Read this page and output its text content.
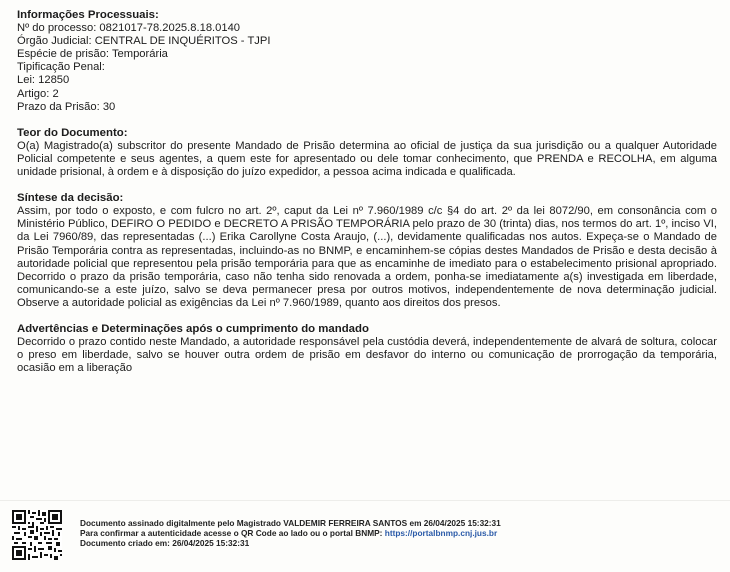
Informações Processuais:

Nº do processo: 0821017-78.2025.8.18.0140

Órgão Judicial: CENTRAL DE INQUÉRITOS - TJPI

Espécie de prisão: Temporária

Tipificação Penal:

Lei: 12850

Artigo: 2

Prazo da Prisão: 30

Teor do Documento:

O(a) Magistrado(a) subscritor do presente Mandado de Prisão determina ao oficial de justiça da sua jurisdição ou a qualquer Autoridade Policial competente e seus agentes, a quem este for apresentado ou dele tomar conhecimento, que PRENDA e RECOLHA, em alguma unidade prisional, à ordem e à disposição do juízo expedidor, a pessoa acima indicada e qualificada.

Síntese da decisão:

Assim, por todo o exposto, e com fulcro no art. 2º, caput da Lei nº 7.960/1989 c/c §4 do art. 2º da lei 8072/90, em consonância com o Ministério Público, DEFIRO O PEDIDO e DECRETO A PRISÃO TEMPORÁRIA pelo prazo de 30 (trinta) dias, nos termos do art. 1º, inciso VI, da Lei 7960/89, das representadas (...) Erika Carollyne Costa Araujo, (...), devidamente qualificadas nos autos. Expeça-se o Mandado de Prisão Temporária contra as representadas, incluindo-as no BNMP, e encaminhem-se cópias destes Mandados de Prisão e desta decisão à autoridade policial que representou pela prisão temporária para que as encaminhe de imediato para o estabelecimento prisional apropriado. Decorrido o prazo da prisão temporária, caso não tenha sido renovada a ordem, ponha-se imediatamente a(s) investigada em liberdade, comunicando-se a este juízo, salvo se deva permanecer presa por outros motivos, independentemente de nova determinação judicial. Observe a autoridade policial as exigências da Lei nº 7.960/1989, quanto aos direitos dos presos.

Advertências e Determinações após o cumprimento do mandado

Decorrido o prazo contido neste Mandado, a autoridade responsável pela custódia deverá, independentemente de alvará de soltura, colocar o preso em liberdade, salvo se houver outra ordem de prisão em desfavor do interno ou comunicação de prorrogação da temporária, ocasião em a liberação

Documento assinado digitalmente pelo Magistrado VALDEMIR FERREIRA SANTOS em 26/04/2025 15:32:31
Para confirmar a autenticidade acesse o QR Code ao lado ou o portal BNMP: https://portalbnmp.cnj.jus.br
Documento criado em: 26/04/2025 15:32:31
